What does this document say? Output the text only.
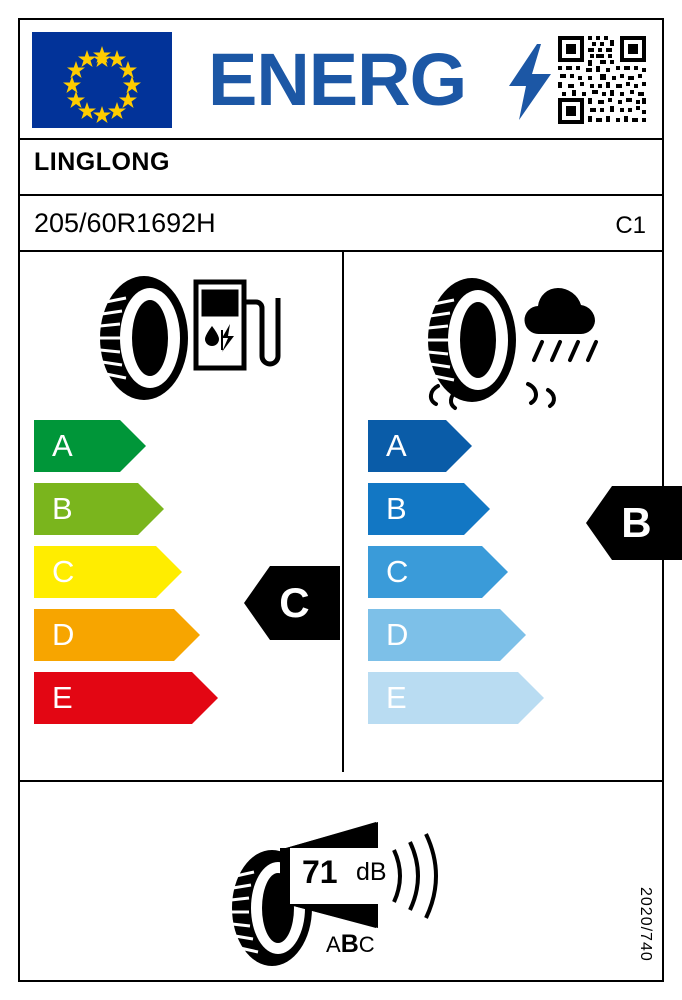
ENERG
LINGLONG
205/60R1692H	C1
A
B
C
D
E
A
B
C
D
E
C
B
71 dB
ABC	2020/740
